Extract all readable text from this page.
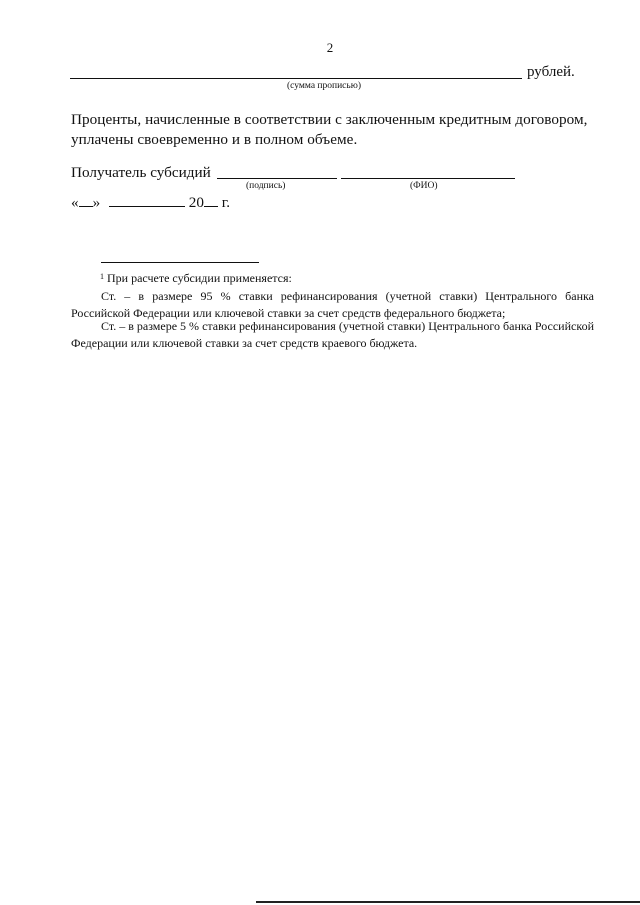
2
рублей.
(сумма прописью)
Проценты, начисленные в соответствии с заключенным кредитным договором, уплачены своевременно и в полном объеме.
Получатель субсидий
(подпись)	(ФИО)
« »	20 г.
$^1$ При расчете субсидии применяется:
Ст. – в размере 95 % ставки рефинансирования (учетной ставки) Центрального банка Российской Федерации или ключевой ставки за счет средств федерального бюджета;
Ст. – в размере 5 % ставки рефинансирования (учетной ставки) Центрального банка Российской Федерации или ключевой ставки за счет средств краевого бюджета.
